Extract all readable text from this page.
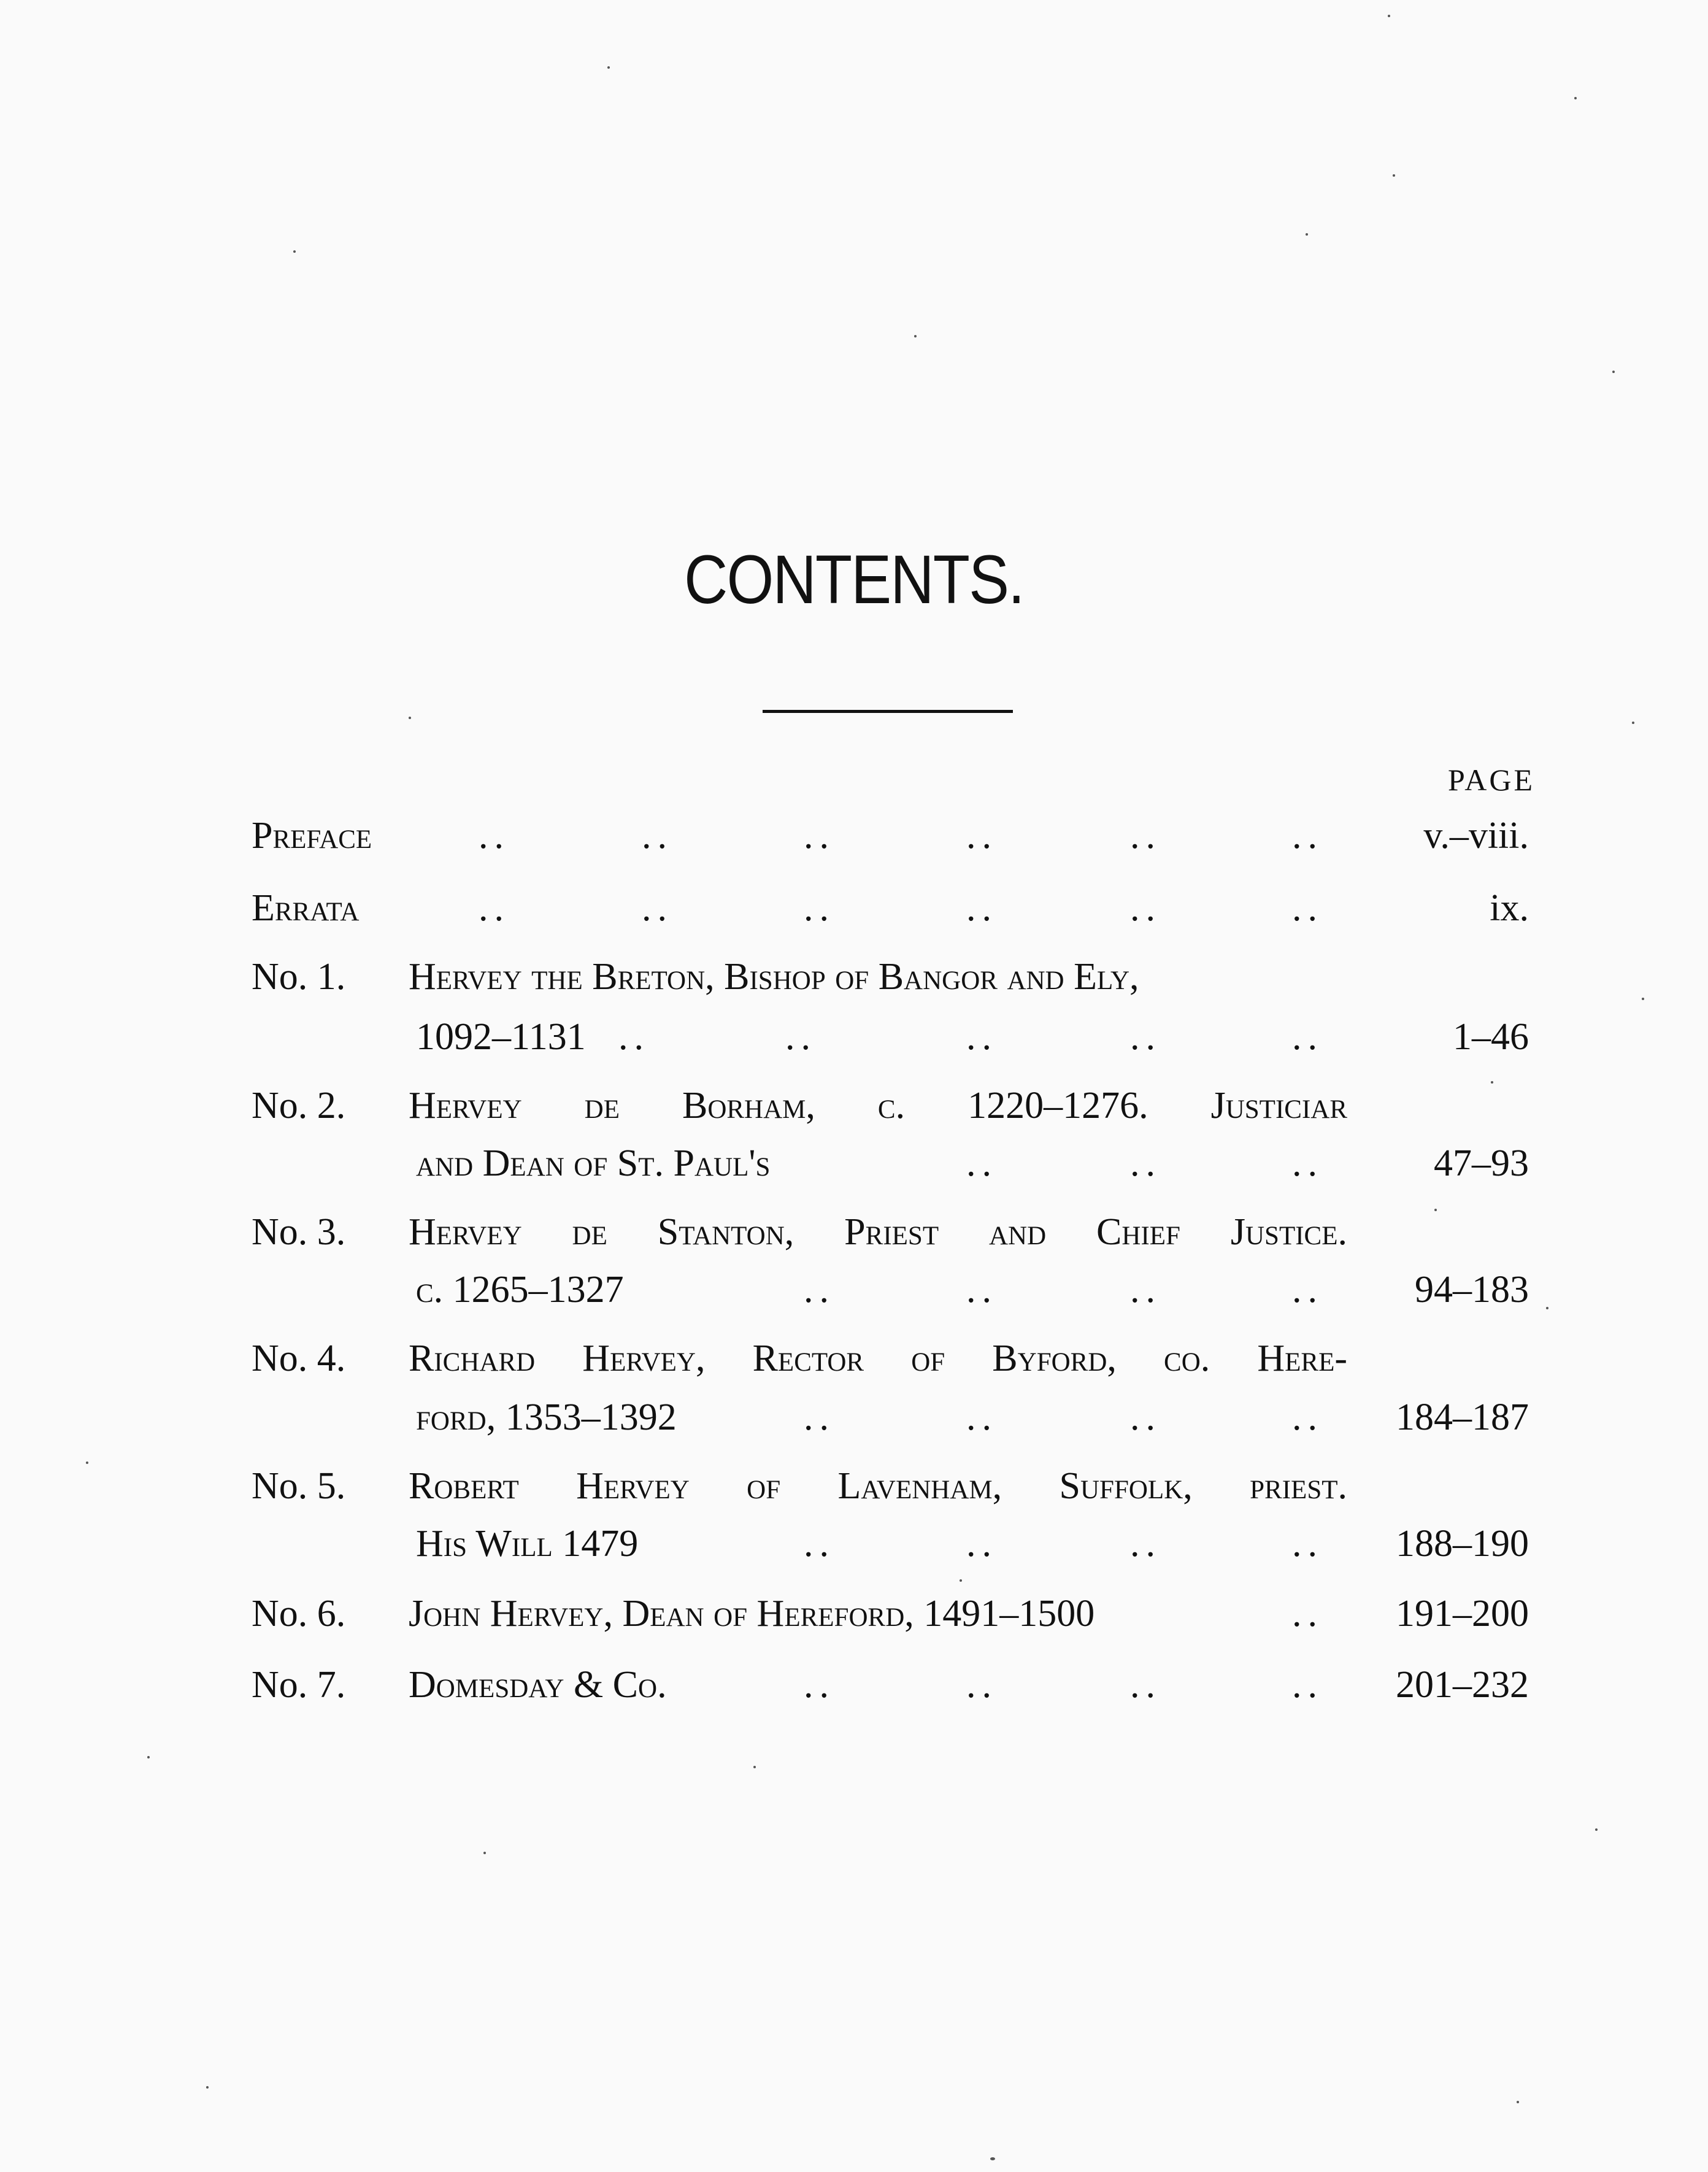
CONTENTS.
PAGE
Preface	..	..	..	..	..	..	v.–viii.
Errata	..	..	..	..	..	..	ix.
No. 1. Hervey the Breton, Bishop of Bangor and Ely,
1092–1131 ..	..	..	..	..	1–46
No. 2. Hervey de Borham, c. 1220–1276. Justiciar
and Dean of St. Paul's	..	..	..	47–93
No. 3. Hervey de Stanton, Priest and Chief Justice.
c. 1265–1327	..	..	..	.. 94–183
No. 4. Richard Hervey, Rector of Byford, co. Here-
ford, 1353–1392	..	..	..	.. 184–187
No. 5. Robert Hervey of Lavenham, Suffolk, priest.
His Will 1479	..	..	..	.. 188–190
No. 6. John Hervey, Dean of Hereford, 1491–1500	.. 191–200
No. 7. Domesday & Co.	..	..	..	.. 201–232
